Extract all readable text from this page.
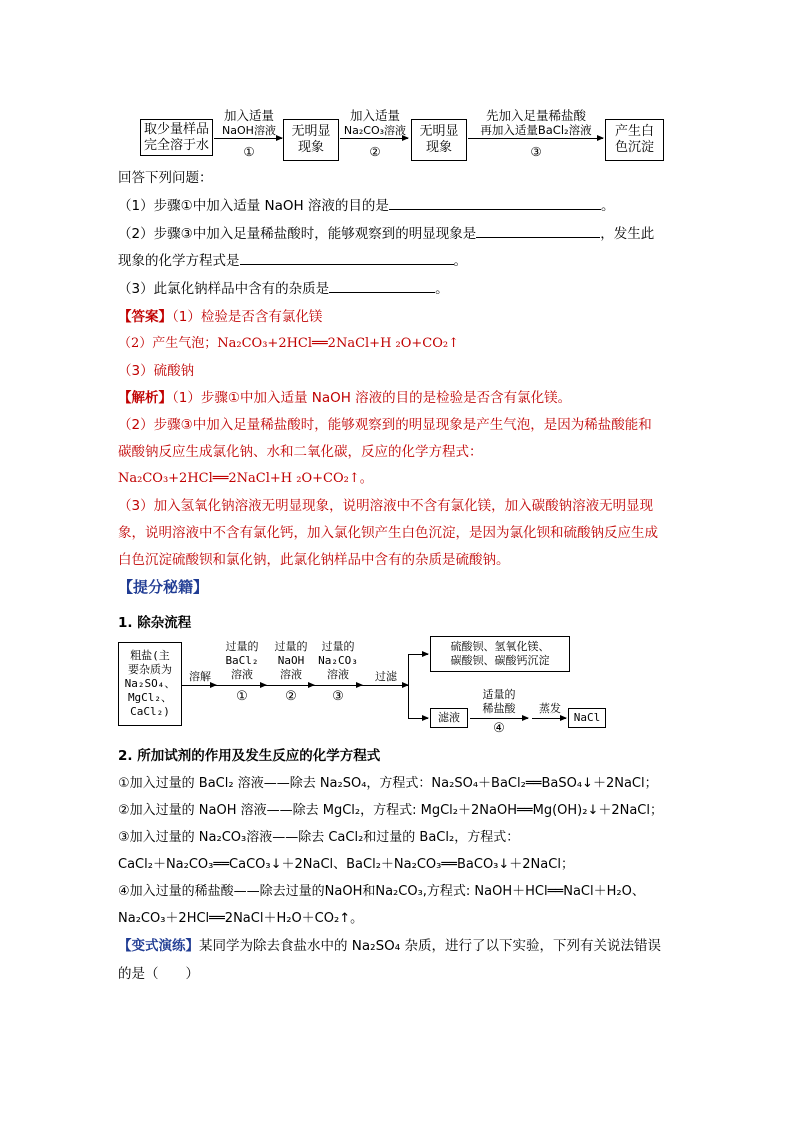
取少量样品
完全溶于水
加入适量
NaOH溶液
①
无明显
现象
加入适量
Na₂CO₃溶液
②
无明显
现象
先加入足量稀盐酸
再加入适量BaCl₂溶液
③
产生白
色沉淀
回答下列问题：
（1）步骤①中加入适量 NaOH 溶液的目的是	。
（2）步骤③中加入足量稀盐酸时，能够观察到的明显现象是	，发生此
现象的化学方程式是	。
（3）此氯化钠样品中含有的杂质是	。
【答案】（1）检验是否含有氯化镁
（2）产生气泡；Na₂CO₃+2HCl══2NaCl+H ₂O+CO₂↑
（3）硫酸钠
【解析】（1）步骤①中加入适量 NaOH 溶液的目的是检验是否含有氯化镁。
（2）步骤③中加入足量稀盐酸时，能够观察到的明显现象是产生气泡，是因为稀盐酸能和
碳酸钠反应生成氯化钠、水和二氧化碳，反应的化学方程式：
Na₂CO₃+2HCl══2NaCl+H ₂O+CO₂↑。
（3）加入氢氧化钠溶液无明显现象，说明溶液中不含有氯化镁，加入碳酸钠溶液无明显现
象，说明溶液中不含有氯化钙，加入氯化钡产生白色沉淀，是因为氯化钡和硫酸钠反应生成
白色沉淀硫酸钡和氯化钠，此氯化钠样品中含有的杂质是硫酸钠。
【提分秘籍】
1. 除杂流程
粗盐(主
要杂质为
Na₂SO₄、
MgCl₂、
CaCl₂)
溶解
过量的
BaCl₂
溶液
①
过量的
NaOH
溶液
②
过量的
Na₂CO₃
溶液
③
过滤
硫酸钡、氢氧化镁、
碳酸钡、碳酸钙沉淀
滤液
适量的
稀盐酸
④
蒸发
NaCl
2. 所加试剂的作用及发生反应的化学方程式
①加入过量的 BaCl₂ 溶液——除去 Na₂SO₄，方程式：Na₂SO₄＋BaCl₂══BaSO₄↓＋2NaCl；
②加入过量的 NaOH 溶液——除去 MgCl₂，方程式: MgCl₂＋2NaOH══Mg(OH)₂↓＋2NaCl；
③加入过量的 Na₂CO₃溶液——除去 CaCl₂和过量的 BaCl₂，方程式：
CaCl₂＋Na₂CO₃══CaCO₃↓＋2NaCl、BaCl₂＋Na₂CO₃══BaCO₃↓＋2NaCl；
④加入过量的稀盐酸——除去过量的NaOH和Na₂CO₃,方程式: NaOH＋HCl══NaCl＋H₂O、
Na₂CO₃＋2HCl══2NaCl＋H₂O＋CO₂↑。
【变式演练】某同学为除去食盐水中的 Na₂SO₄ 杂质，进行了以下实验，下列有关说法错误
的是（　　）
